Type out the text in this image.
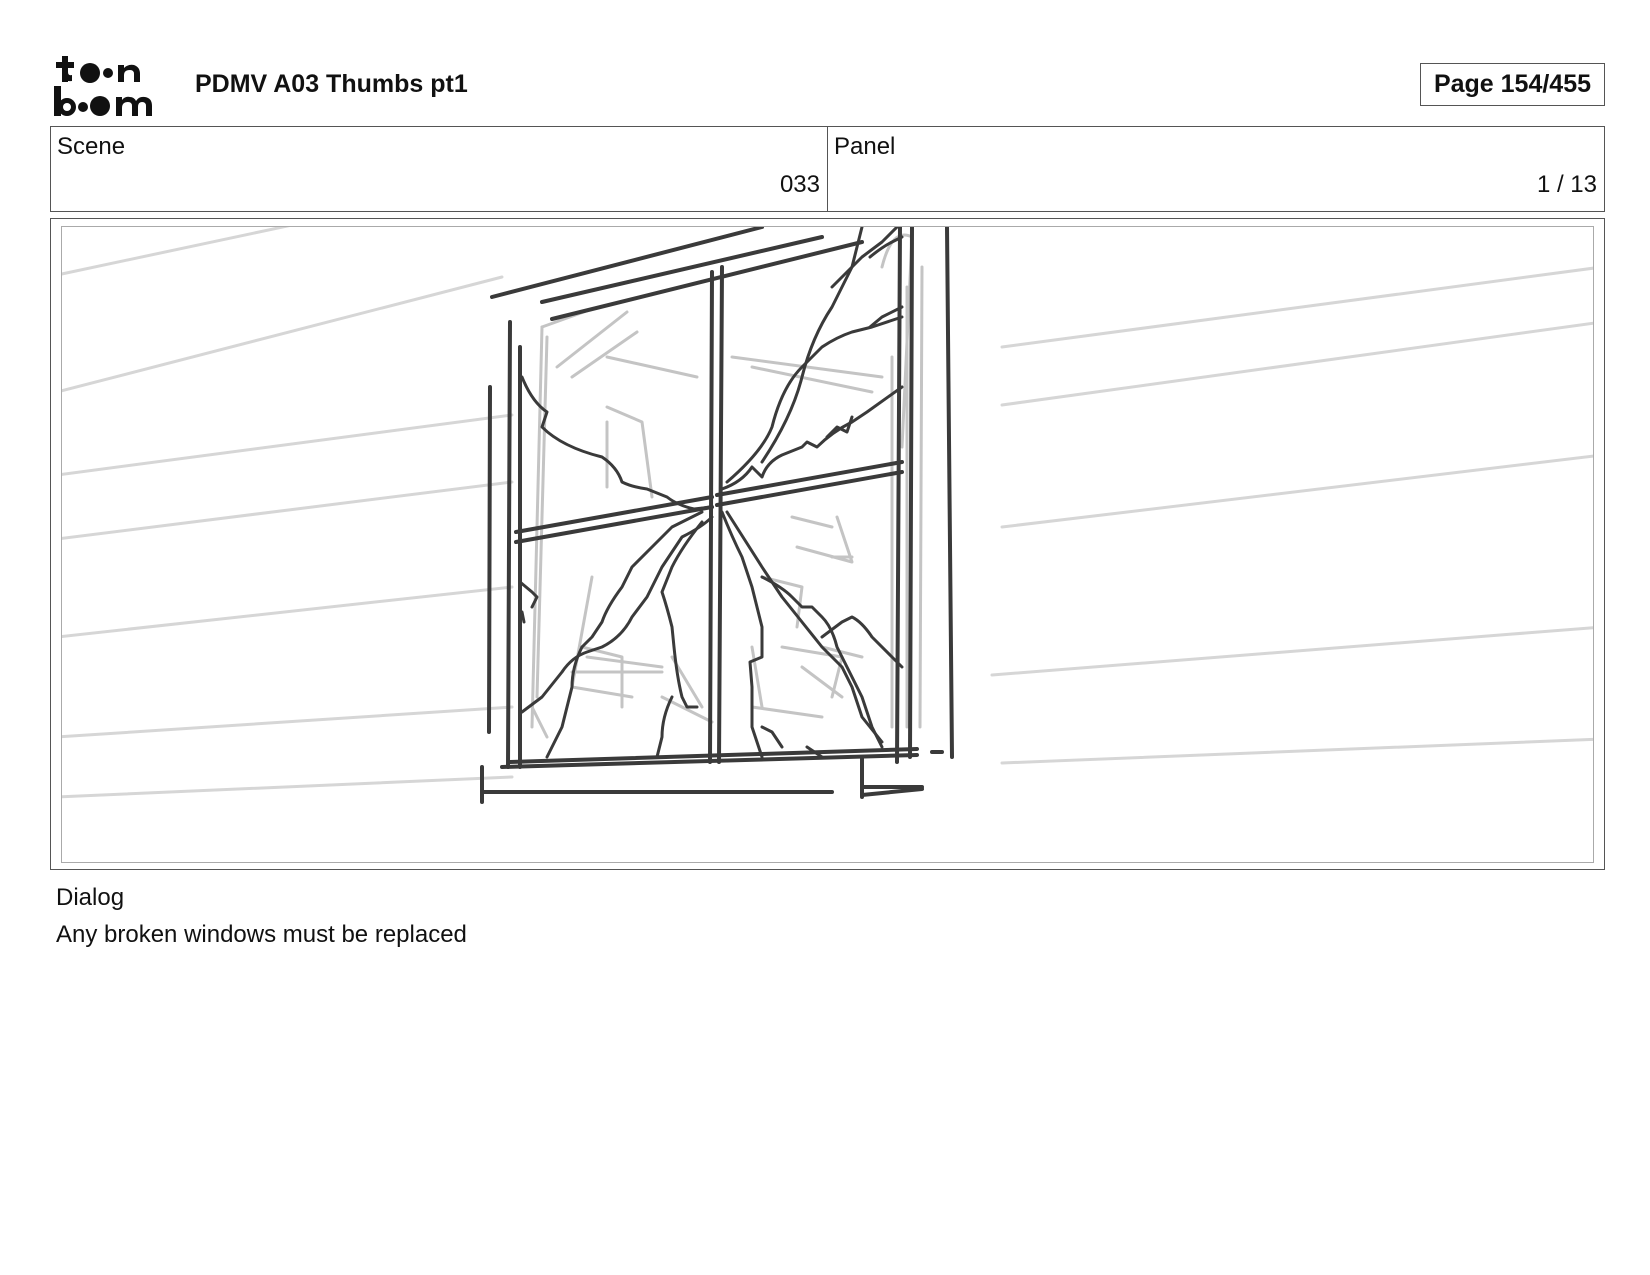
PDMV A03 Thumbs pt1	Page 154/455
Scene
033
Panel
1 / 13
Dialog
Any broken windows must be replaced
